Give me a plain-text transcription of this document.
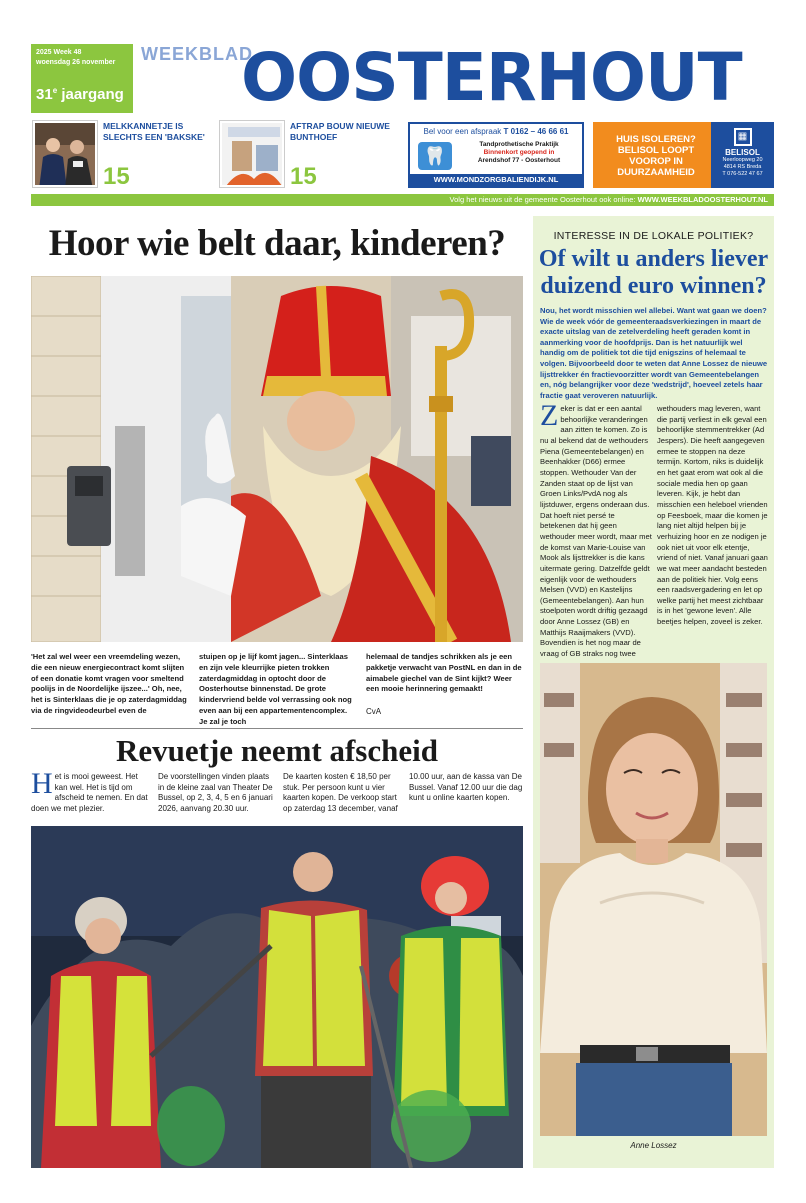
2025 Week 48
woensdag 26 november
31e jaargang
WEEKBLAD
OOSTERHOUT
MELKKANNETJE IS SLECHTS EEN 'BAKSKE'
15
AFTRAP BOUW NIEUWE BUNTHOEF
15
Bel voor een afspraak T 0162 – 46 66 61
🦷
Tandprothetische Praktijk
Binnenkort geopend in
Arendshof 77 - Oosterhout
WWW.MONDZORGBALIENDIJK.NL
HUIS ISOLEREN? BELISOL LOOPT VOOROP IN DUURZAAMHEID
▦
BELISOL
Neerloopweg 20
4814 RS Breda
T 076-522 47 67
Volg het nieuws uit de gemeente Oosterhout ook online: WWW.WEEKBLADOOSTERHOUT.NL
Hoor wie belt daar, kinderen?
'Het zal wel weer een vreemdeling wezen, die een nieuw energiecontract komt slijten of een donatie komt vragen voor smeltend poolijs in de Noordelijke ijszee...' Oh, nee, het is Sinterklaas die je op zaterdagmiddag via de ringvideodeurbel even de
stuipen op je lijf komt jagen... Sinterklaas en zijn vele kleurrijke pieten trokken zaterdagmiddag in optocht door de Oosterhoutse binnenstad. De grote kindervriend belde vol verrassing ook nog even aan bij een appartementencomplex. Je zal je toch
helemaal de tandjes schrikken als je een pakketje verwacht van PostNL en dan in de aimabele giechel van de Sint kijkt? Weer een mooie herinnering gemaakt!
CvA
Revuetje neemt afscheid
Het is mooi geweest. Het kan wel. Het is tijd om afscheid te nemen. En dat doen we met plezier.
De voorstellingen vinden plaats in de kleine zaal van Theater De Bussel, op 2, 3, 4, 5 en 6 januari 2026, aanvang 20.30 uur.
De kaarten kosten € 18,50 per stuk. Per persoon kunt u vier kaarten kopen. De verkoop start op zaterdag 13 december, vanaf
10.00 uur, aan de kassa van De Bussel. Vanaf 12.00 uur die dag kunt u online kaarten kopen.
INTERESSE IN DE LOKALE POLITIEK?
Of wilt u anders liever duizend euro winnen?

Nou, het wordt misschien wel allebei. Want wat gaan we doen? Wie de week vóór de gemeenteraadsverkiezingen in maart de exacte uitslag van de zetelverdeling heeft geraden komt in aanmerking voor de hoofdprijs. Dan is het natuurlijk wel handig om de politiek tot die tijd enigszins of helemaal te volgen. Bijvoorbeeld door te weten dat Anne Lossez de nieuwe lijsttrekker én fractievoorzitter wordt van Gemeentebelangen en, nóg belangrijker voor deze 'wedstrijd', hoeveel zetels haar fractie gaat veroveren natuurlijk.

Zeker is dat er een aantal behoorlijke veranderingen aan zitten te komen. Zo is nu al bekend dat de wethouders Piena (Gemeentebelangen) en Beenhakker (D66) ermee stoppen. Wethouder Van der Zanden staat op de lijst van Groen Links/PvdA nog als lijstduwer, ergens onderaan dus. Dat hoeft niet persé te betekenen dat hij geen wethouder meer wordt, maar met de komst van Marie-Louise van Mook als lijsttrekker is die kans uitermate gering. Datzelfde geldt eigenlijk voor de wethouders Melsen (VVD) en Kastelijns (Gemeentebelangen). Aan hun stoelpoten wordt driftig gezaagd door Anne Lossez (GB) en Matthijs Raaijmakers (VVD). Bovendien is het nog maar de vraag of GB straks nog twee
wethouders mag leveren, want die partij verliest in elk geval een behoorlijke stemmentrekker (Ad Jespers). Die heeft aangegeven ermee te stoppen na deze termijn. Kortom, niks is duidelijk en het gaat erom wat ook al die sociale media hen op gaan leveren. Kijk, je hebt dan misschien een heleboel vrienden op Feesboek, maar die komen je lang niet altijd helpen bij je verhuizing hoor en ze nodigen je ook niet uit voor elk etentje, vriend of niet. Vanaf januari gaan we wat meer aandacht besteden aan de politiek hier. Volg eens een raadsvergadering en let op welke partij het meest zichtbaar is in het 'gewone leven'. Alle beetjes helpen, zoveel is zeker.
Anne Lossez
